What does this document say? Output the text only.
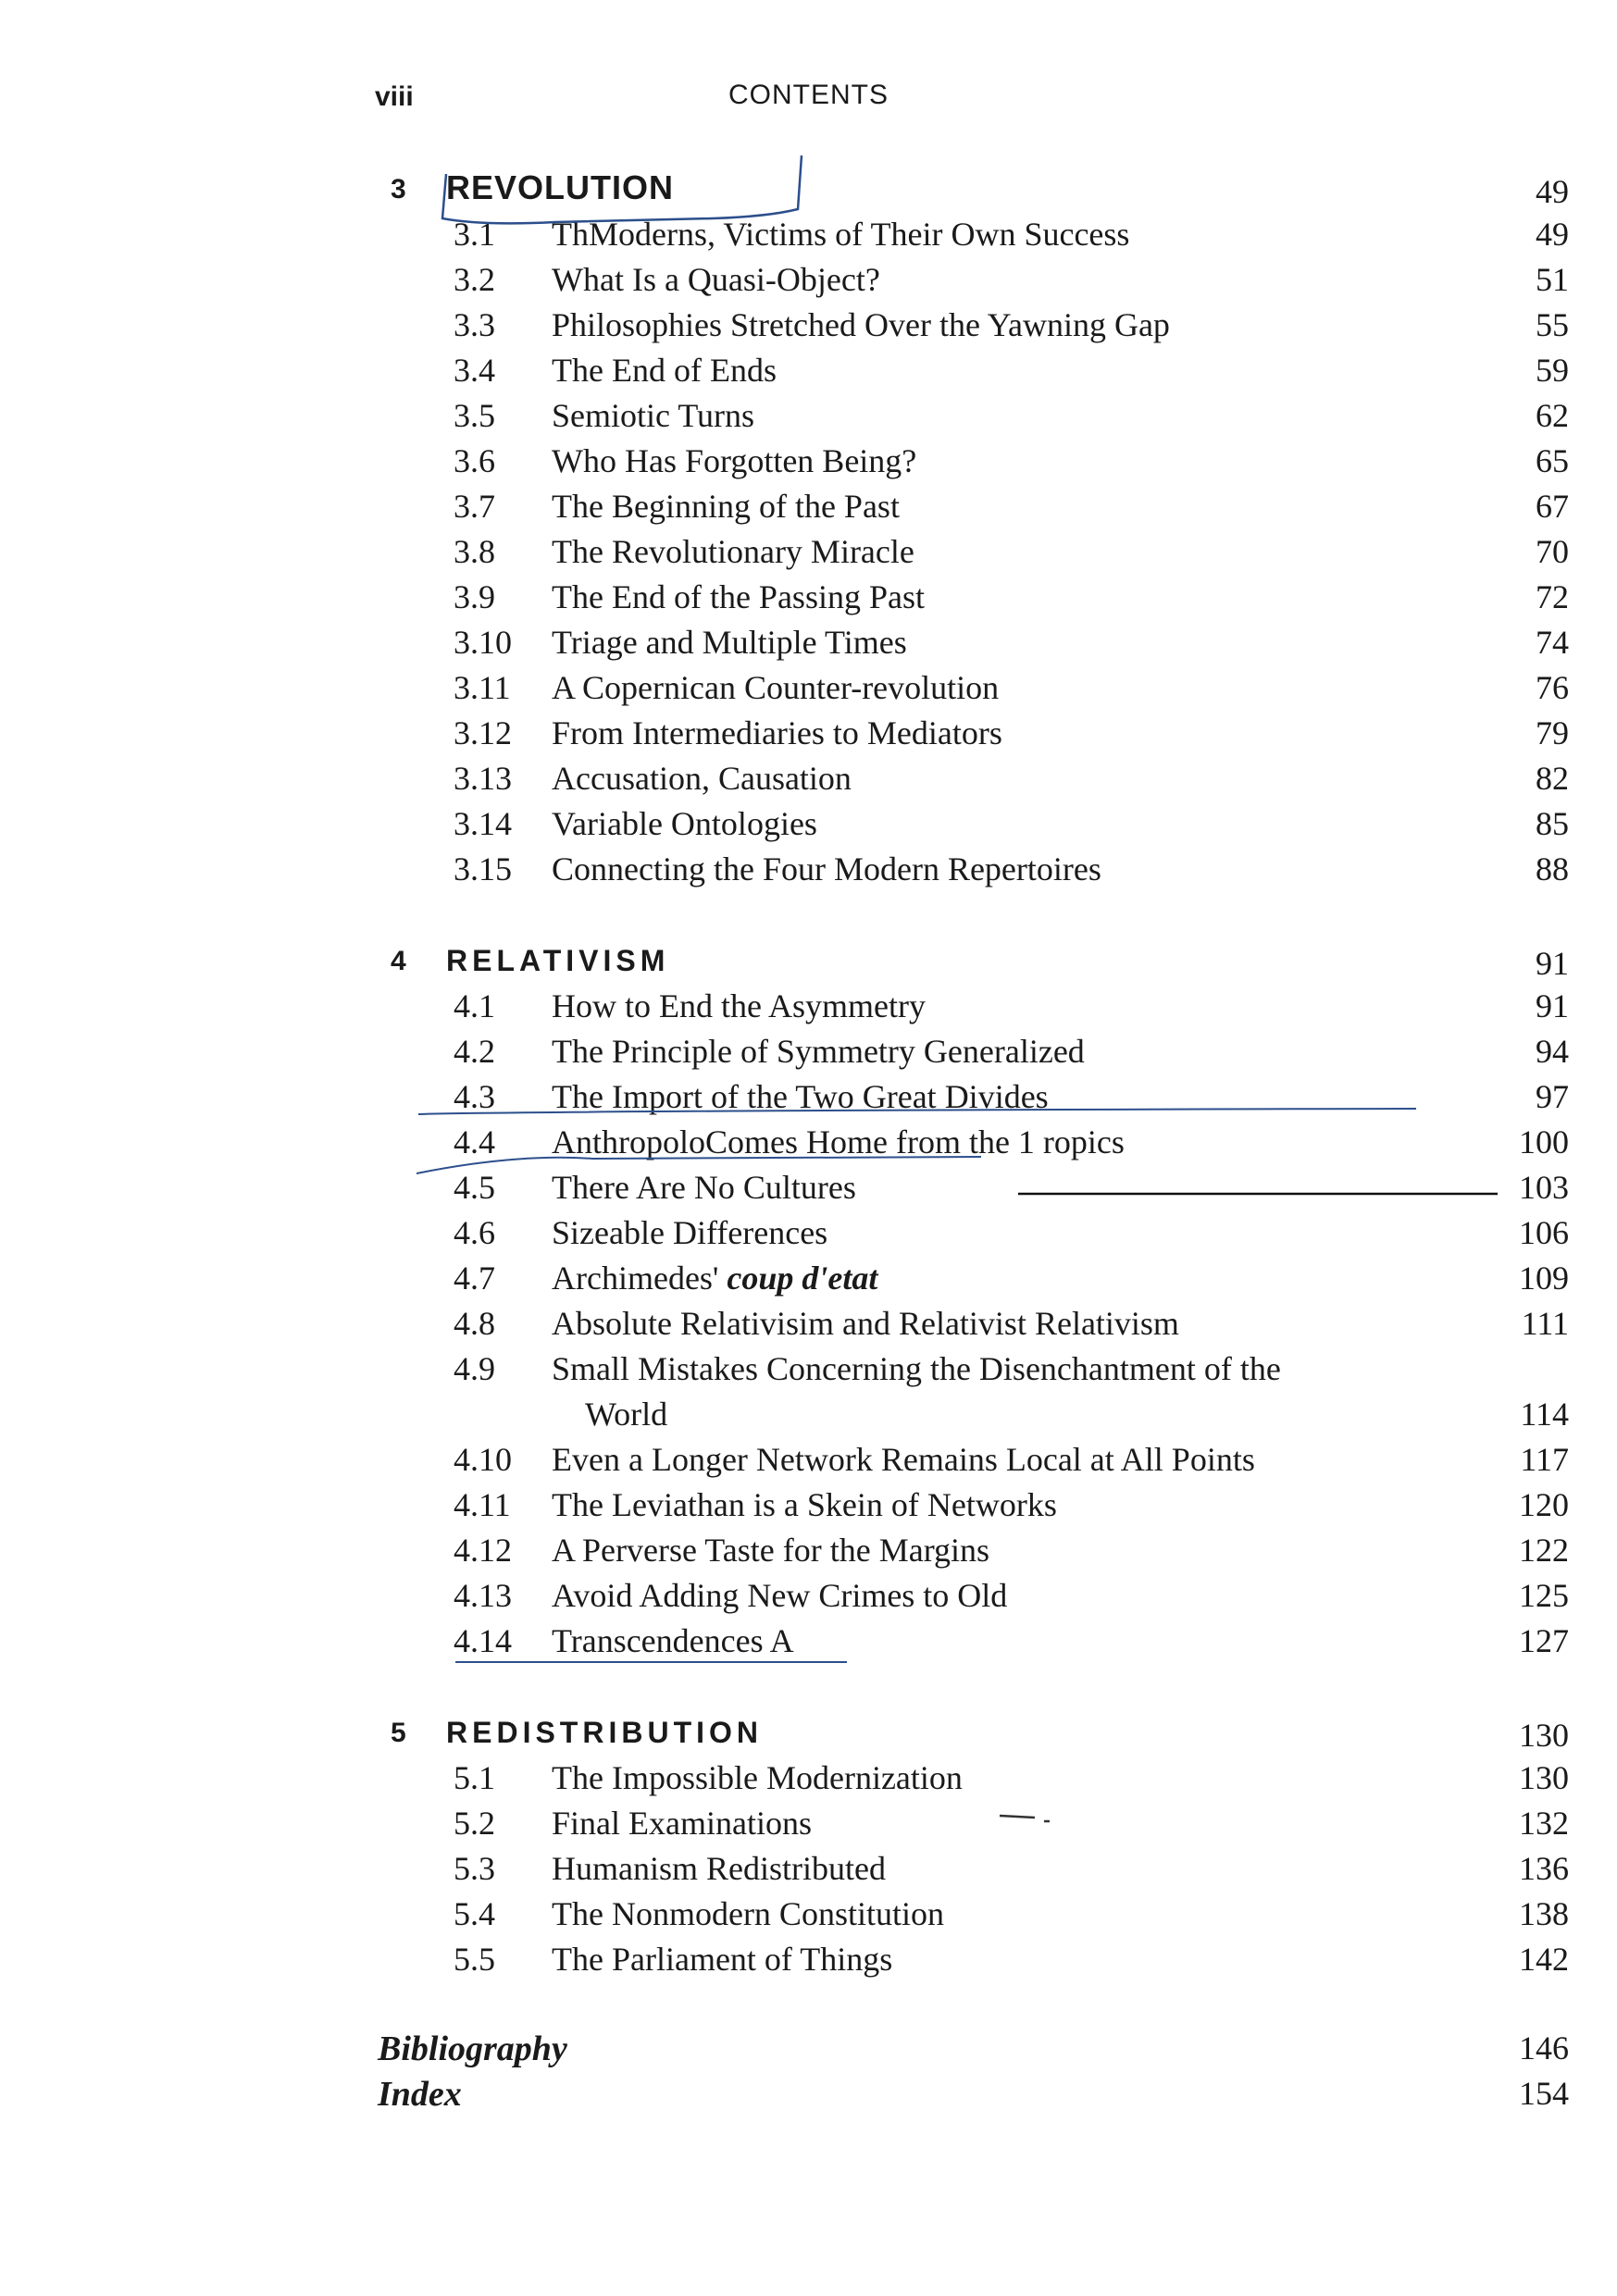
viii	CONTENTS
3 REVOLUTION	49
3.1 ThModerns, Victims of Their Own Success	49
3.2 What Is a Quasi-Object?	51
3.3 Philosophies Stretched Over the Yawning Gap	55
3.4 The End of Ends	59
3.5 Semiotic Turns	62
3.6 Who Has Forgotten Being?	65
3.7 The Beginning of the Past	67
3.8 The Revolutionary Miracle	70
3.9 The End of the Passing Past	72
3.10 Triage and Multiple Times	74
3.11 A Copernican Counter-revolution	76
3.12 From Intermediaries to Mediators	79
3.13 Accusation, Causation	82
3.14 Variable Ontologies	85
3.15 Connecting the Four Modern Repertoires	88
4 RELATIVISM	91
4.1 How to End the Asymmetry	91
4.2 The Principle of Symmetry Generalized	94
4.3 The Import of the Two Great Divides	97
4.4 AnthropoloComes Home from the 1 ropics	100
4.5 There Are No Cultures	103
4.6 Sizeable Differences	106
4.7 Archimedes' coup d'etat	109
4.8 Absolute Relativisim and Relativist Relativism	111
4.9 Small Mistakes Concerning the Disenchantment of the
World	114
4.10 Even a Longer Network Remains Local at All Points	117
4.11 The Leviathan is a Skein of Networks	120
4.12 A Perverse Taste for the Margins	122
4.13 Avoid Adding New Crimes to Old	125
4.14 Transcendences A	127
5 REDISTRIBUTION	130
5.1 The Impossible Modernization	130
5.2 Final Examinations	132
5.3 Humanism Redistributed	136
5.4 The Nonmodern Constitution	138
5.5 The Parliament of Things	142
Bibliography	146
Index	154
